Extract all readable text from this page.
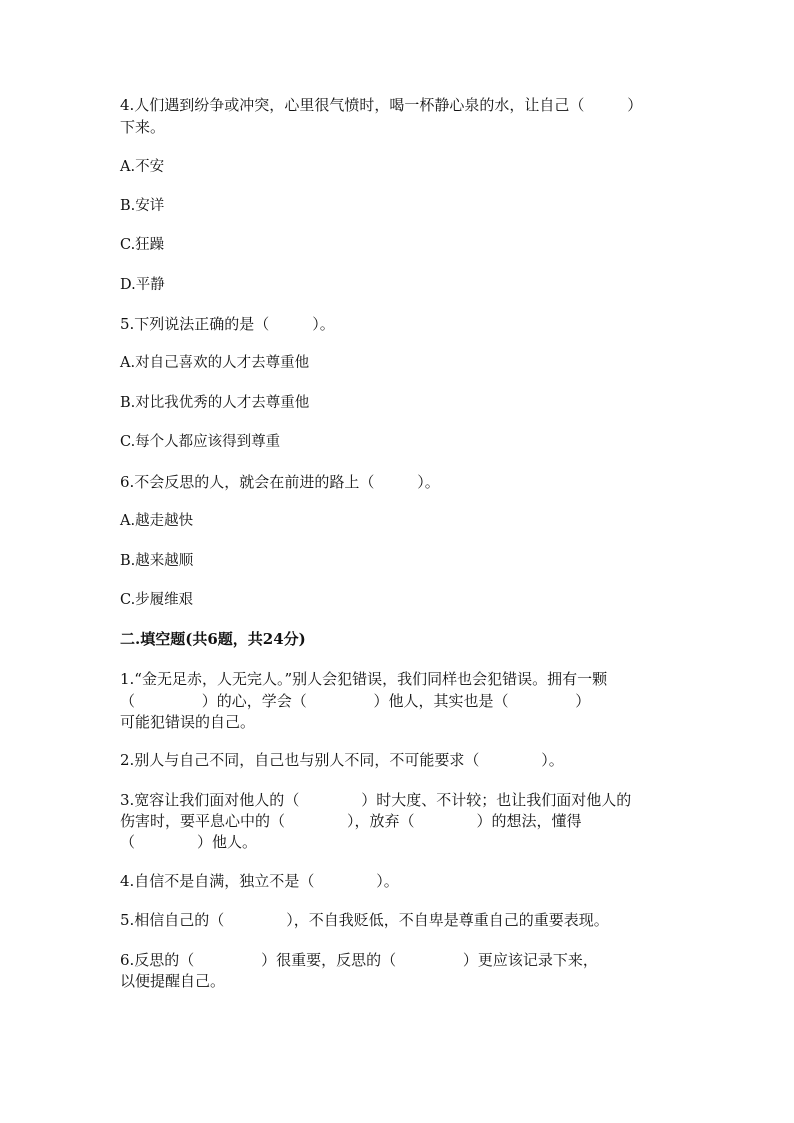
4.人们遇到纷争或冲突，心里很气愤时，喝一杯静心泉的水，让自己（         ）
下来。
A.不安
B.安详
C.狂躁
D.平静
5.下列说法正确的是（         ）。
A.对自己喜欢的人才去尊重他
B.对比我优秀的人才去尊重他
C.每个人都应该得到尊重
6.不会反思的人，就会在前进的路上（         ）。
A.越走越快
B.越来越顺
C.步履维艰
二.填空题(共6题，共24分)
1.“金无足赤，人无完人。”别人会犯错误，我们同样也会犯错误。拥有一颗
（              ）的心，学会（              ）他人，其实也是（              ）
可能犯错误的自己。
2.别人与自己不同，自己也与别人不同，不可能要求（             ）。
3.宽容让我们面对他人的（             ）时大度、不计较；也让我们面对他人的
伤害时，要平息心中的（             ），放弃（             ）的想法，懂得
（             ）他人。
4.自信不是自满，独立不是（             ）。
5.相信自己的（             ），不自我贬低，不自卑是尊重自己的重要表现。
6.反思的（              ）很重要，反思的（              ）更应该记录下来，
以便提醒自己。
